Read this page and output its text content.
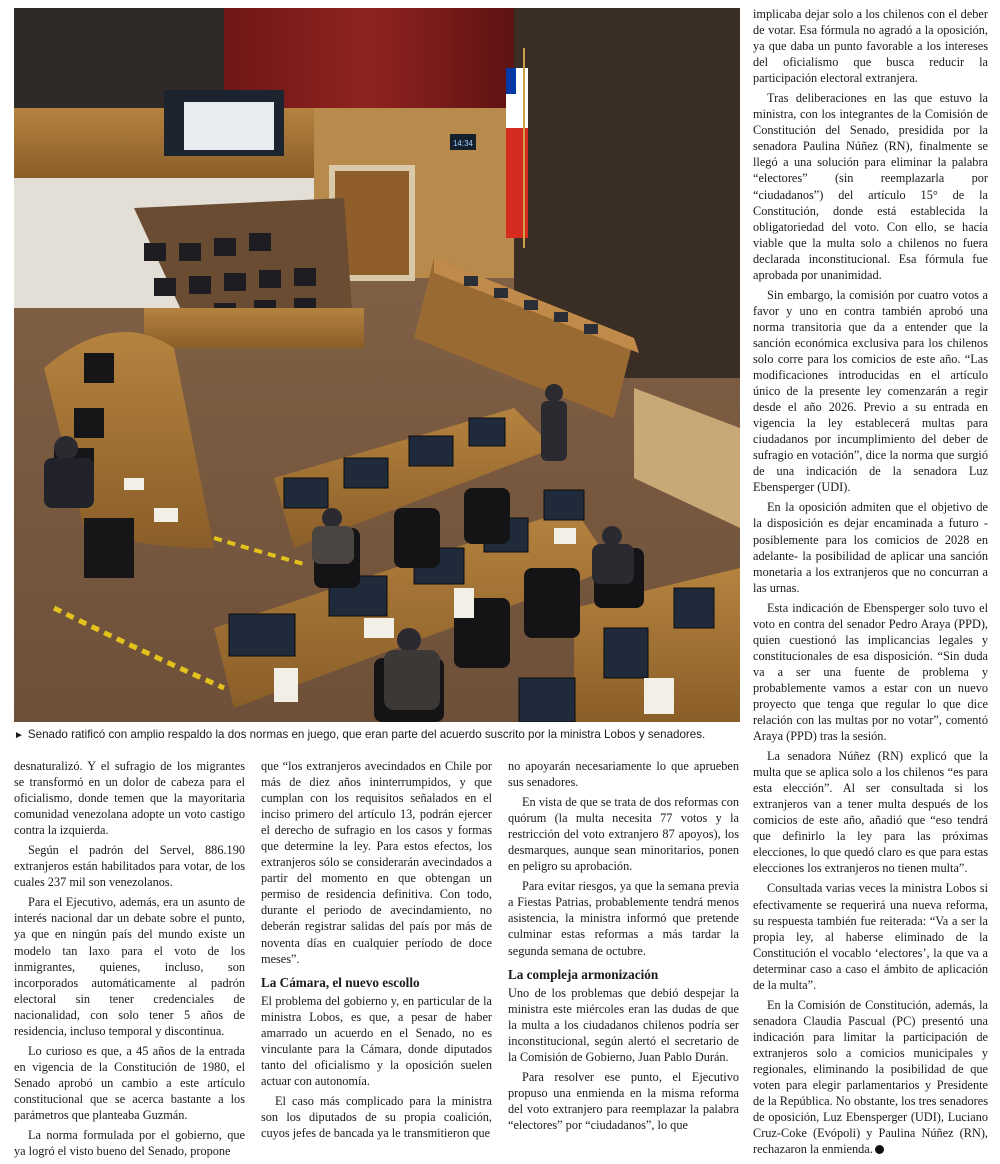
14:34
► Senado ratificó con amplio respaldo la dos normas en juego, que eran parte del acuerdo suscrito por la ministra Lobos y senadores.

implicaba dejar solo a los chilenos con el deber de votar. Esa fórmula no agradó a la oposición, ya que daba un punto favorable a los intereses del oficialismo que busca reducir la participación electoral extranjera.

Tras deliberaciones en las que estuvo la ministra, con los integrantes de la Comisión de Constitución del Senado, presidida por la senadora Paulina Núñez (RN), finalmente se llegó a una solución para eliminar la palabra “electores” (sin reemplazarla por “ciudadanos”) del artículo 15° de la Constitución, donde está establecida la obligatoriedad del voto. Con ello, se hacía viable que la multa solo a chilenos no fuera declarada inconstitucional. Esa fórmula fue aprobada por unanimidad.

Sin embargo, la comisión por cuatro votos a favor y uno en contra también aprobó una norma transitoria que da a entender que la sanción económica exclusiva para los chilenos solo corre para los comicios de este año. “Las modificaciones introducidas en el artículo único de la presente ley comenzarán a regir desde el año 2026. Previo a su entrada en vigencia la ley establecerá multas para ciudadanos por incumplimiento del deber de sufragio en votación”, dice la norma que surgió de una indicación de la senadora Luz Ebensperger (UDI).

En la oposición admiten que el objetivo de la disposición es dejar encaminada a futuro -posiblemente para los comicios de 2028 en adelante- la posibilidad de aplicar una sanción monetaria a los extranjeros que no concurran a las urnas.

Esta indicación de Ebensperger solo tuvo el voto en contra del senador Pedro Araya (PPD), quien cuestionó las implicancias legales y constitucionales de esa disposición. “Sin duda va a ser una fuente de problema y probablemente vamos a estar con un nuevo proyecto que tenga que regular lo que dice relación con las multas por no votar”, comentó Araya (PPD) tras la sesión.

La senadora Núñez (RN) explicó que la multa que se aplica solo a los chilenos “es para esta elección”. Al ser consultada si los extranjeros van a tener multa después de los comicios de este año, añadió que “eso tendrá que definirlo la ley para las próximas elecciones, lo que quedó claro es que para estas elecciones los extranjeros no tienen multa”.

Consultada varias veces la ministra Lobos si efectivamente se requerirá una nueva reforma, su respuesta también fue reiterada: “Va a ser la propia ley, al haberse eliminado de la Constitución el vocablo ‘electores’, la que va a determinar caso a caso el ámbito de aplicación de la multa”.

En la Comisión de Constitución, además, la senadora Claudia Pascual (PC) presentó una indicación para limitar la participación de extranjeros solo a comicios municipales y regionales, eliminando la posibilidad de que voten para elegir parlamentarios y Presidente de la República. No obstante, los tres senadores de oposición, Luz Ebensperger (UDI), Luciano Cruz-Coke (Evópoli) y Paulina Núñez (RN), rechazaron la enmienda.

desnaturalizó. Y el sufragio de los migrantes se transformó en un dolor de cabeza para el oficialismo, donde temen que la mayoritaria comunidad venezolana adopte un voto castigo contra la izquierda.

Según el padrón del Servel, 886.190 extranjeros están habilitados para votar, de los cuales 237 mil son venezolanos.

Para el Ejecutivo, además, era un asunto de interés nacional dar un debate sobre el punto, ya que en ningún país del mundo existe un modelo tan laxo para el voto de los inmigrantes, quienes, incluso, son incorporados automáticamente al padrón electoral sin tener credenciales de nacionalidad, con solo tener 5 años de residencia, incluso temporal y discontinua.

Lo curioso es que, a 45 años de la entrada en vigencia de la Constitución de 1980, el Senado aprobó un cambio a este artículo constitucional que se acerca bastante a los parámetros que planteaba Guzmán.

La norma formulada por el gobierno, que ya logró el visto bueno del Senado, propone

que “los extranjeros avecindados en Chile por más de diez años ininterrumpidos, y que cumplan con los requisitos señalados en el inciso primero del artículo 13, podrán ejercer el derecho de sufragio en los casos y formas que determine la ley. Para estos efectos, los extranjeros sólo se considerarán avecindados a partir del momento en que obtengan un permiso de residencia definitiva. Con todo, durante el periodo de avecindamiento, no deberán registrar salidas del país por más de noventa días en cualquier período de doce meses”.

La Cámara, el nuevo escollo

El problema del gobierno y, en particular de la ministra Lobos, es que, a pesar de haber amarrado un acuerdo en el Senado, no es vinculante para la Cámara, donde diputados tanto del oficialismo y la oposición suelen actuar con autonomía.

El caso más complicado para la ministra son los diputados de su propia coalición, cuyos jefes de bancada ya le transmitieron que

no apoyarán necesariamente lo que aprueben sus senadores.

En vista de que se trata de dos reformas con quórum (la multa necesita 77 votos y la restricción del voto extranjero 87 apoyos), los desmarques, aunque sean minoritarios, ponen en peligro su aprobación.

Para evitar riesgos, ya que la semana previa a Fiestas Patrias, probablemente tendrá menos asistencia, la ministra informó que pretende culminar estas reformas a más tardar la segunda semana de octubre.

La compleja armonización

Uno de los problemas que debió despejar la ministra este miércoles eran las dudas de que la multa a los ciudadanos chilenos podría ser inconstitucional, según alertó el secretario de la Comisión de Gobierno, Juan Pablo Durán.

Para resolver ese punto, el Ejecutivo propuso una enmienda en la misma reforma del voto extranjero para reemplazar la palabra “electores” por “ciudadanos”, lo que
